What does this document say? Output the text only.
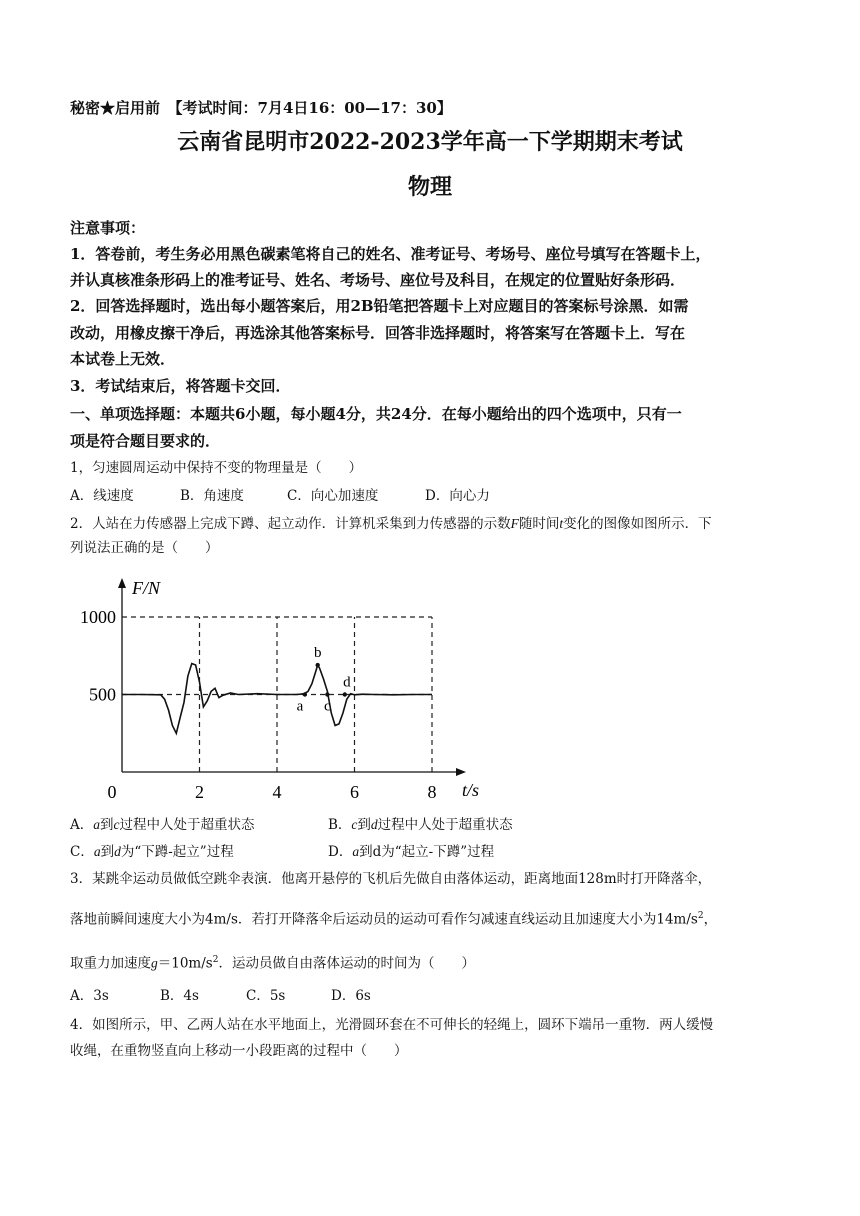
秘密★启用前　【考试时间：7月4日16：00—17：30】
云南省昆明市2022-2023学年高一下学期期末考试
物理
注意事项：
1．答卷前，考生务必用黑色碳素笔将自己的姓名、准考证号、考场号、座位号填写在答题卡上，
并认真核准条形码上的准考证号、姓名、考场号、座位号及科目，在规定的位置贴好条形码．
2．回答选择题时，选出每小题答案后，用2B铅笔把答题卡上对应题目的答案标号涂黑．如需
改动，用橡皮擦干净后，再选涂其他答案标号．回答非选择题时，将答案写在答题卡上．写在
本试卷上无效．
3．考试结束后，将答题卡交回．
一、单项选择题：本题共6小题，每小题4分，共24分．在每小题给出的四个选项中，只有一
项是符合题目要求的．
1，匀速圆周运动中保持不变的物理量是（　　）
A．线速度	B．角速度	C．向心加速度	D．向心力
2．人站在力传感器上完成下蹲、起立动作．计算机采集到力传感器的示数F随时间t变化的图像如图所示．下
列说法正确的是（　　）
0	2	4	6	8
500
1000
F/N
t/s
a
b
c
d
A．a到c过程中人处于超重状态	B．c到d过程中人处于超重状态
C．a到d为“下蹲-起立”过程	D．a到d为“起立-下蹲”过程
3．某跳伞运动员做低空跳伞表演．他离开悬停的飞机后先做自由落体运动，距离地面128m时打开降落伞，
落地前瞬间速度大小为4m/s．若打开降落伞后运动员的运动可看作匀减速直线运动且加速度大小为$14m/s^2$，
取重力加速度$g=10m/s^2$．运动员做自由落体运动的时间为（　　）
A．3s	B．4s	C．5s	D．6s
4．如图所示，甲、乙两人站在水平地面上，光滑圆环套在不可伸长的轻绳上，圆环下端吊一重物．两人缓慢
收绳，在重物竖直向上移动一小段距离的过程中（　　）
